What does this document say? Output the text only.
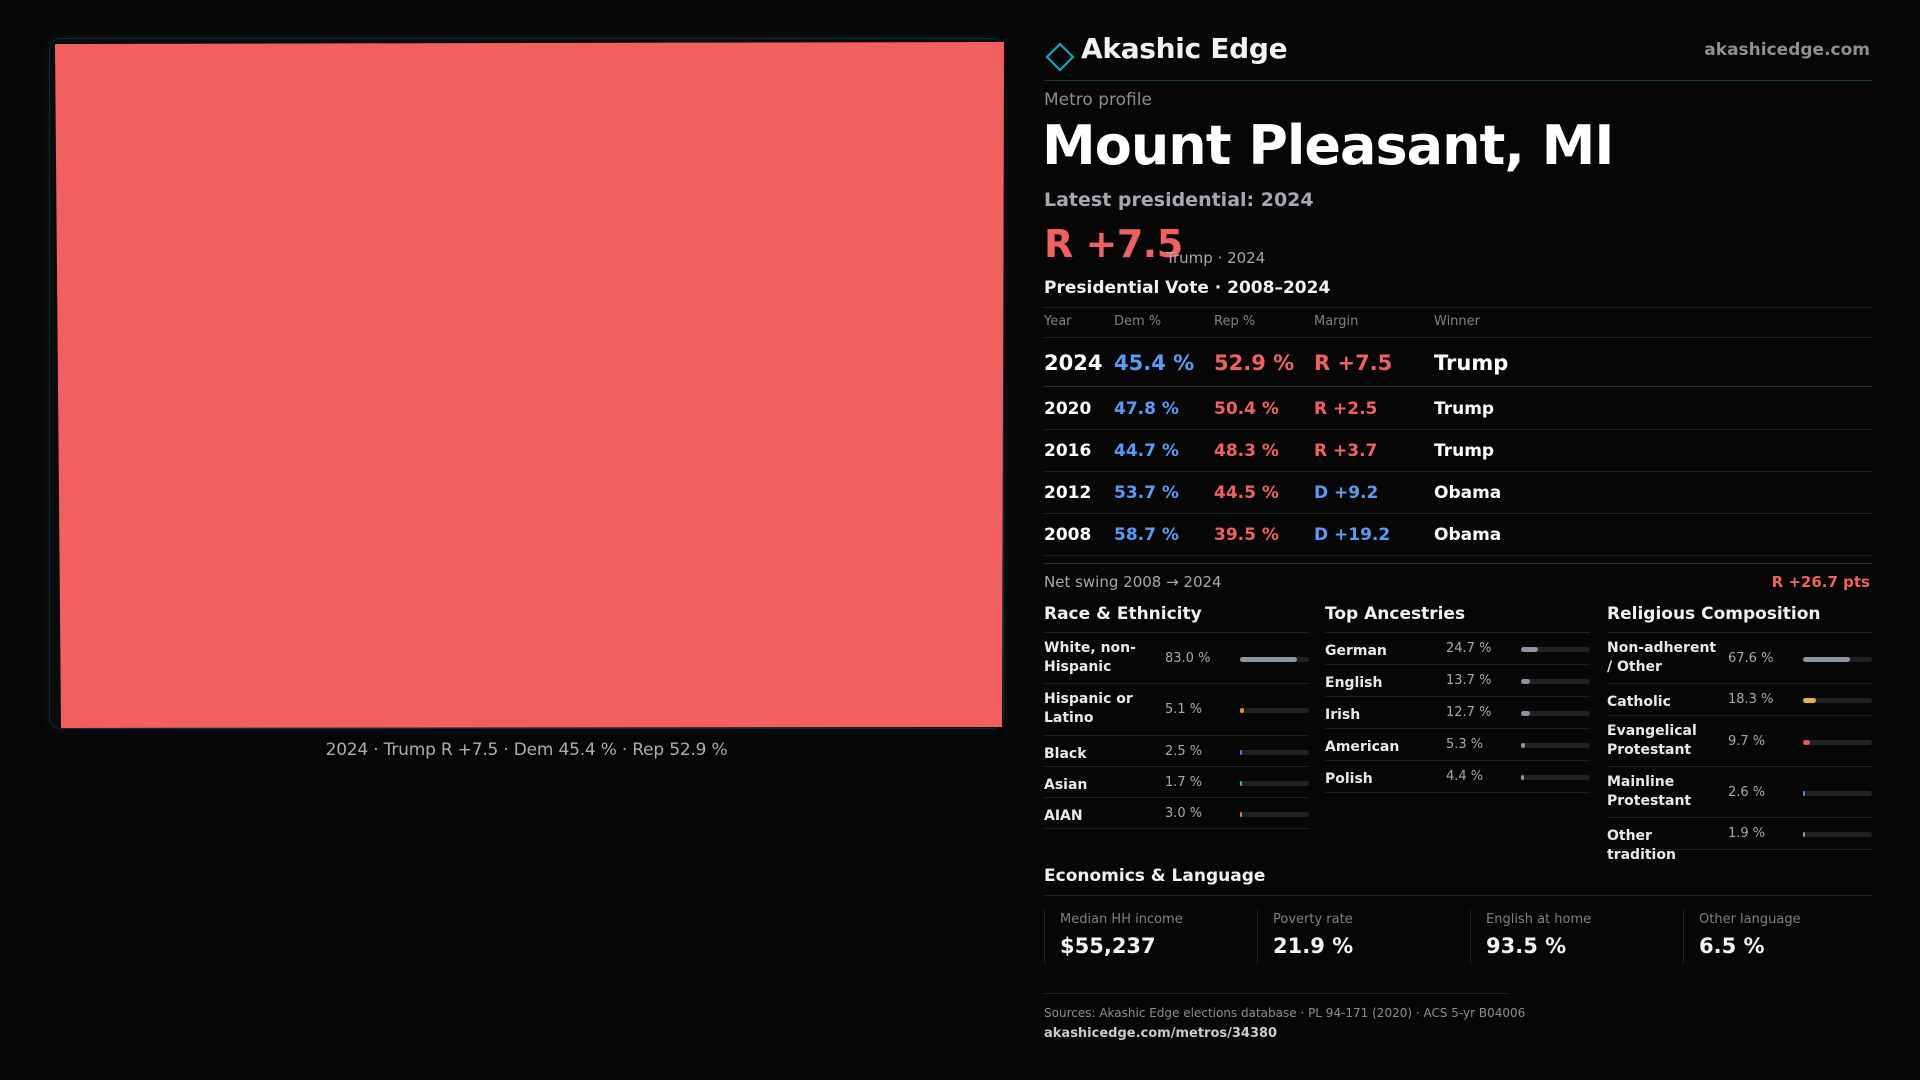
2024 · Trump R +7.5 · Dem 45.4 % · Rep 52.9 %
Akashic Edge	akashicedge.com
Metro profile
Mount Pleasant, MI
Latest presidential: 2024
R +7.5
Trump · 2024
Presidential Vote · 2008–2024
Year	Dem %	Rep %	Margin	Winner
2024 45.4 % 52.9 % R +7.5 Trump
2020 47.8 % 50.4 % R +2.5	Trump
2016 44.7 % 48.3 % R +3.7	Trump
2012 53.7 % 44.5 % D +9.2	Obama
2008 58.7 % 39.5 % D +19.2	Obama
Net swing 2008 → 2024	R +26.7 pts
Race & Ethnicity	Top Ancestries	Religious Composition
White, non-Hispanic
83.0 %
Hispanic or Latino
5.1 %
Black	2.5 %
Asian	1.7 %
AIAN	3.0 %
German	24.7 %
English	13.7 %
Irish	12.7 %
American	5.3 %
Polish	4.4 %
Non-adherent / Other
67.6 %
Catholic	18.3 %
Evangelical Protestant
9.7 %
Mainline Protestant
2.6 %
Other tradition
1.9 %
Economics & Language
Median HH income
$55,237
Poverty rate
21.9 %
English at home
93.5 %
Other language
6.5 %
Sources: Akashic Edge elections database · PL 94-171 (2020) · ACS 5-yr B04006
akashicedge.com/metros/34380
